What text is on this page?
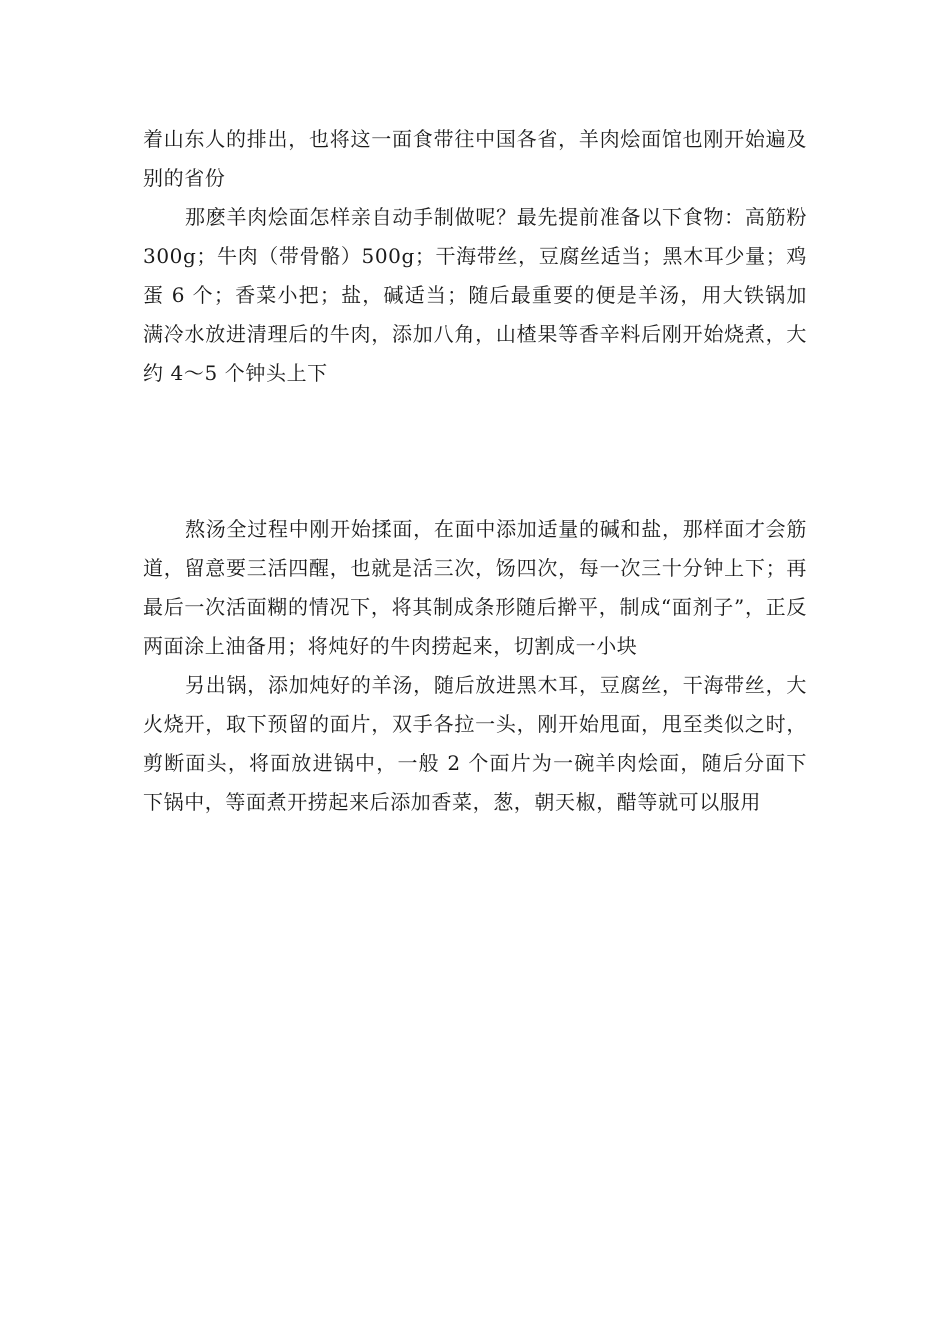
着山东人的排出，也将这一面食带往中国各省，羊肉烩面馆也刚开始遍及别的省份

那麽羊肉烩面怎样亲自动手制做呢？最先提前准备以下食物：高筋粉 300g；牛肉（带骨骼）500g；干海带丝，豆腐丝适当；黑木耳少量；鸡蛋 6 个；香菜小把；盐，碱适当；随后最重要的便是羊汤，用大铁锅加满冷水放进清理后的牛肉，添加八角，山楂果等香辛料后刚开始烧煮，大约 4～5 个钟头上下

熬汤全过程中刚开始揉面，在面中添加适量的碱和盐，那样面才会筋道，留意要三活四醒，也就是活三次，饧四次，每一次三十分钟上下；再最后一次活面糊的情况下，将其制成条形随后擀平，制成“面剂子”，正反两面涂上油备用；将炖好的牛肉捞起来，切割成一小块

另出锅，添加炖好的羊汤，随后放进黑木耳，豆腐丝，干海带丝，大火烧开，取下预留的面片，双手各拉一头，刚开始甩面，甩至类似之时，剪断面头，将面放进锅中，一般 2 个面片为一碗羊肉烩面，随后分面下下锅中，等面煮开捞起来后添加香菜，葱，朝天椒，醋等就可以服用
